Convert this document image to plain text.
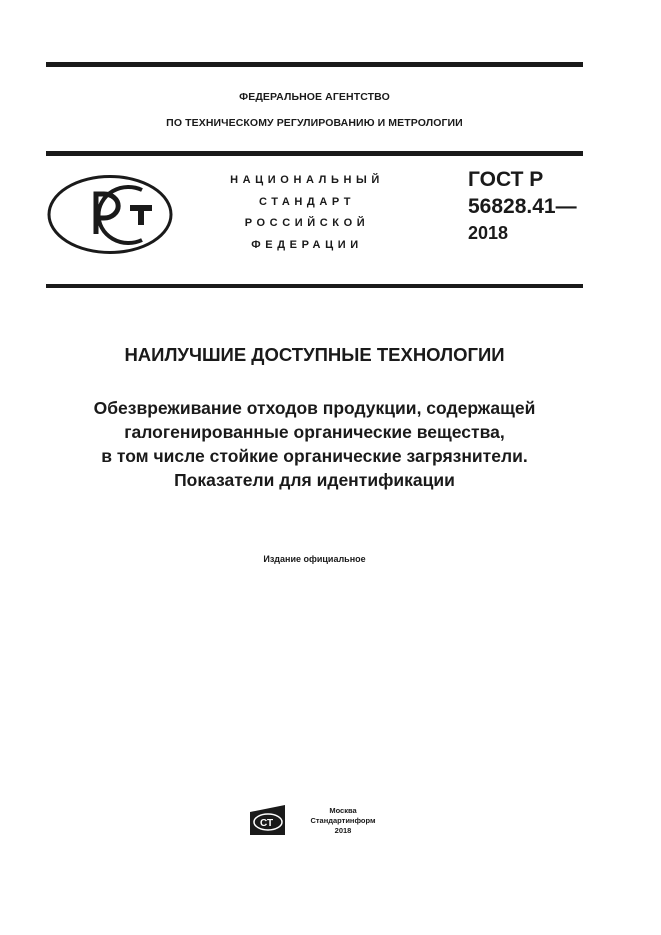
ФЕДЕРАЛЬНОЕ АГЕНТСТВО
ПО ТЕХНИЧЕСКОМУ РЕГУЛИРОВАНИЮ И МЕТРОЛОГИИ
НАЦИОНАЛЬНЫЙ
СТАНДАРТ
РОССИЙСКОЙ
ФЕДЕРАЦИИ
ГОСТ Р
56828.41—
2018
НАИЛУЧШИЕ ДОСТУПНЫЕ ТЕХНОЛОГИИ
Обезвреживание отходов продукции, содержащей
галогенированные органические вещества,
в том числе стойкие органические загрязнители.
Показатели для идентификации
Издание официальное
СТ
Москва
Стандартинформ
2018
